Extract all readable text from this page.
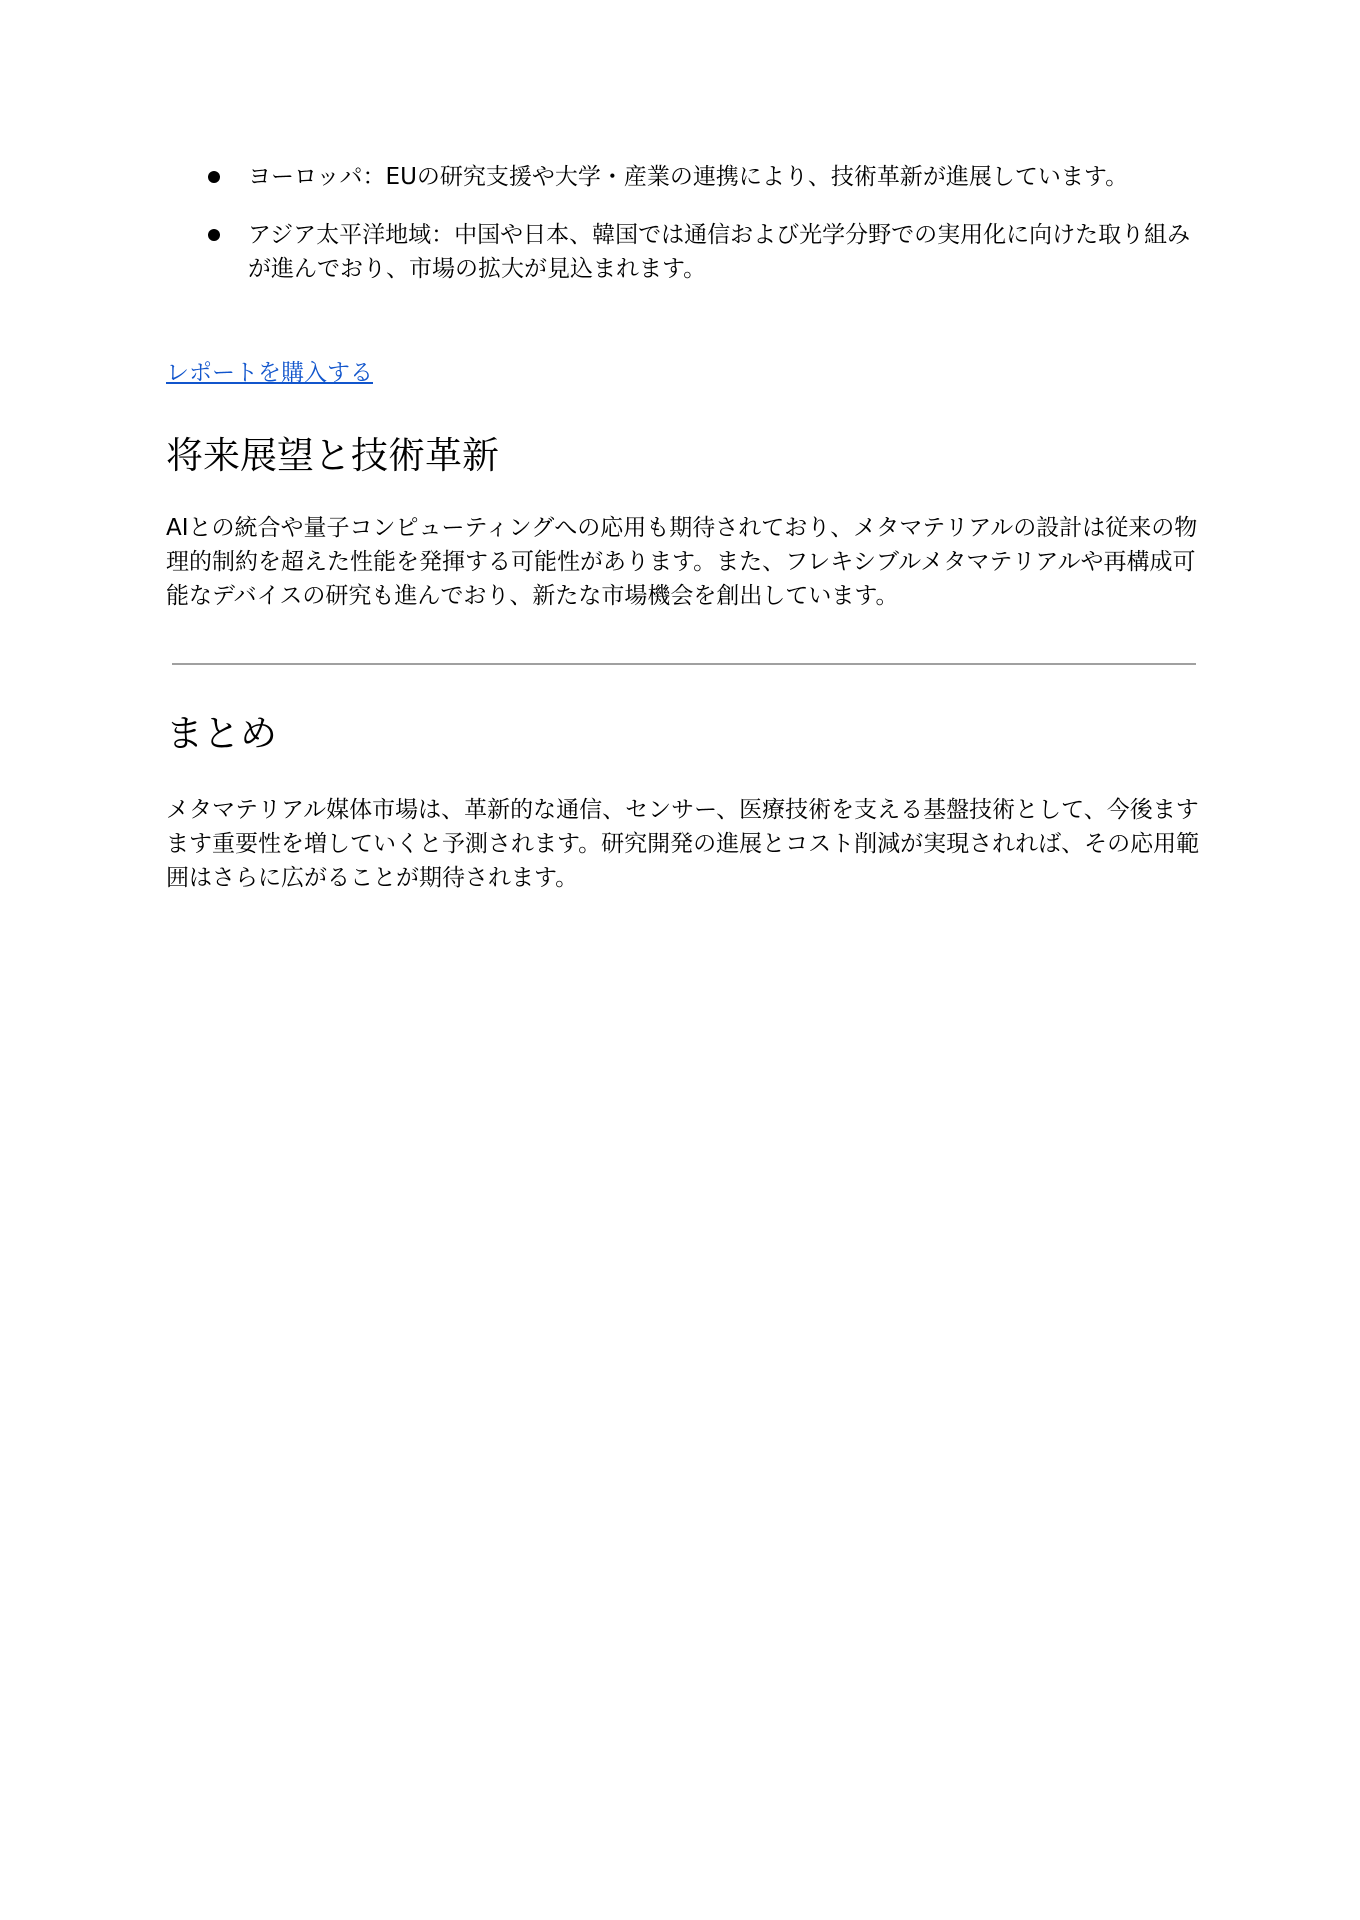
ヨーロッパ：EUの研究支援や大学・産業の連携により、技術革新が進展しています。
アジア太平洋地域：中国や日本、韓国では通信および光学分野での実用化に向けた取り組みが進んでおり、市場の拡大が見込まれます。
レポートを購入する
将来展望と技術革新

AIとの統合や量子コンピューティングへの応用も期待されており、メタマテリアルの設計は従来の物理的制約を超えた性能を発揮する可能性があります。また、フレキシブルメタマテリアルや再構成可能なデバイスの研究も進んでおり、新たな市場機会を創出しています。

まとめ

メタマテリアル媒体市場は、革新的な通信、センサー、医療技術を支える基盤技術として、今後ますます重要性を増していくと予測されます。研究開発の進展とコスト削減が実現されれば、その応用範囲はさらに広がることが期待されます。
